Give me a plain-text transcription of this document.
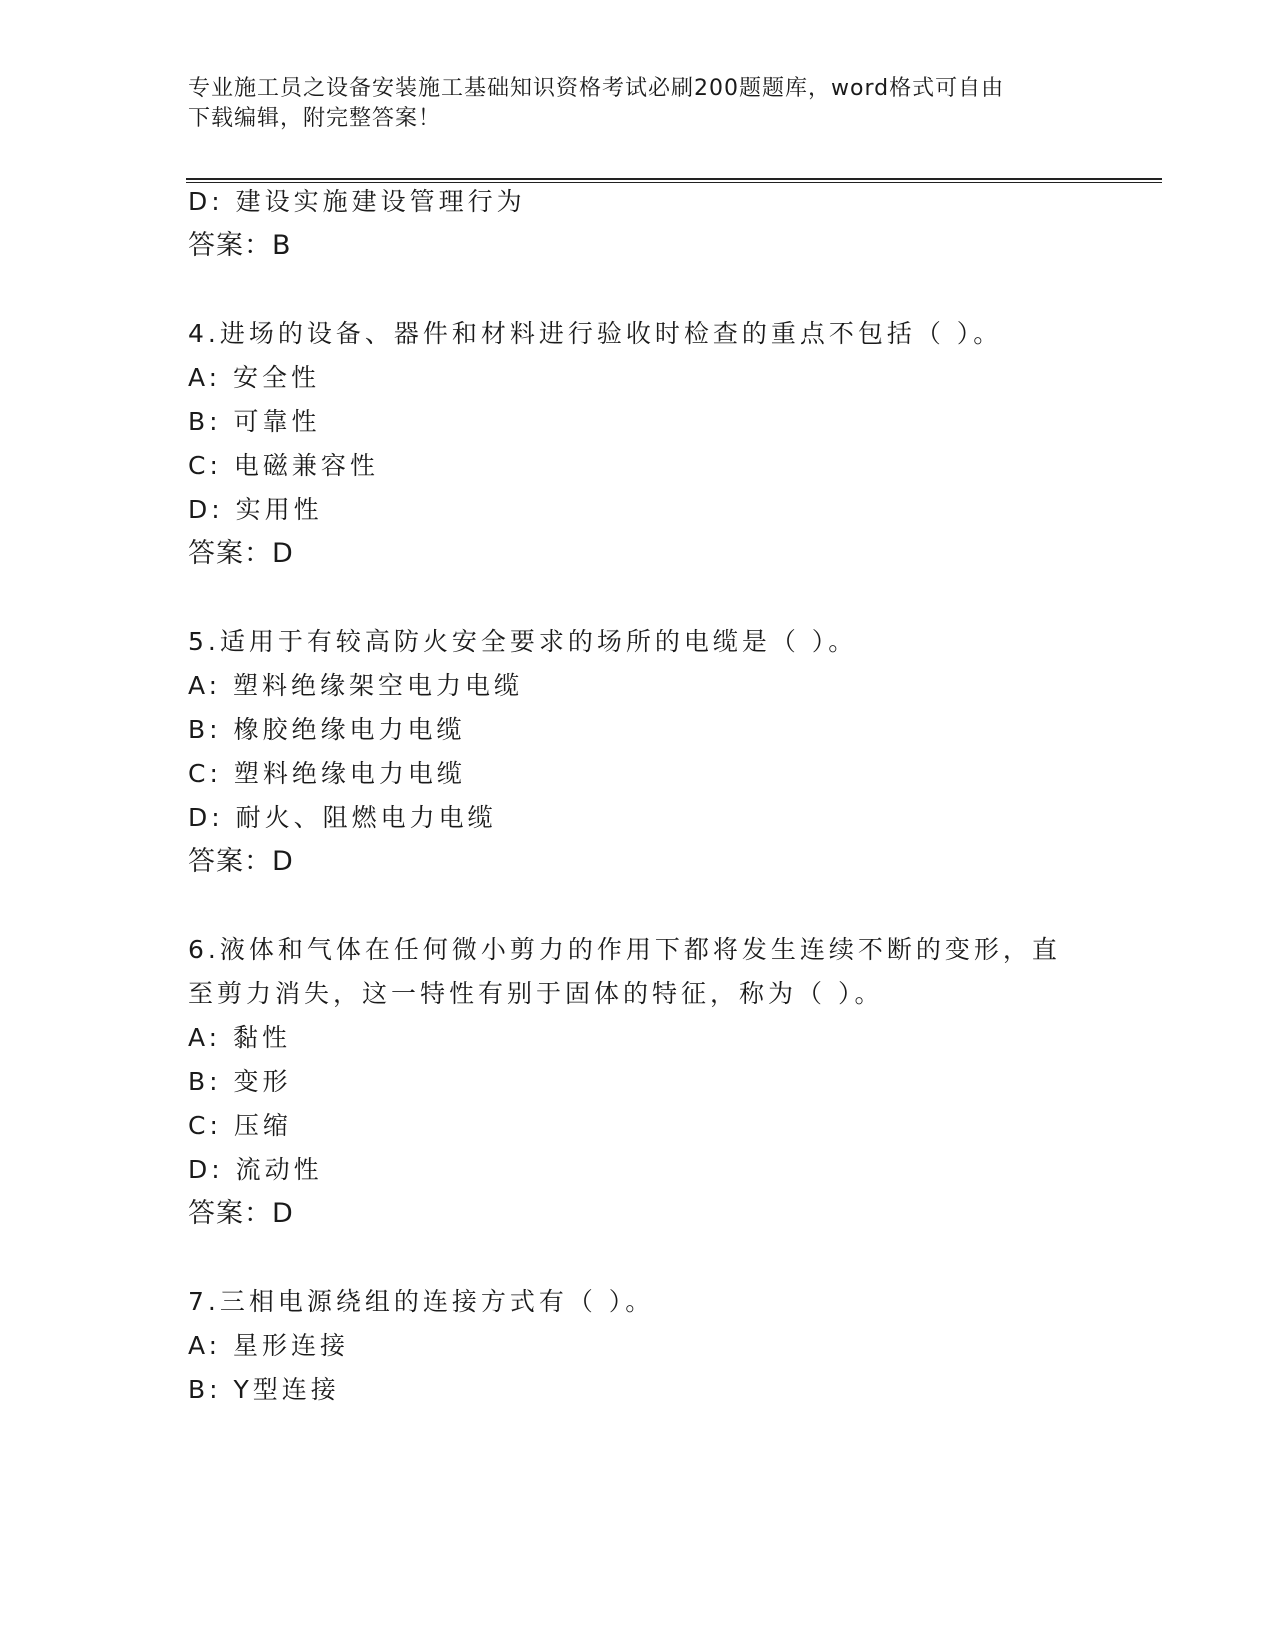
专业施工员之设备安装施工基础知识资格考试必刷200题题库，word格式可自由
下载编辑，附完整答案！
D: 建设实施建设管理行为
答案：B
4.进场的设备、器件和材料进行验收时检查的重点不包括（ ）。
A: 安全性
B: 可靠性
C: 电磁兼容性
D: 实用性
答案：D
5.适用于有较高防火安全要求的场所的电缆是（ ）。
A: 塑料绝缘架空电力电缆
B: 橡胶绝缘电力电缆
C: 塑料绝缘电力电缆
D: 耐火、阻燃电力电缆
答案：D
6.液体和气体在任何微小剪力的作用下都将发生连续不断的变形，直
至剪力消失，这一特性有别于固体的特征，称为（ ）。
A: 黏性
B: 变形
C: 压缩
D: 流动性
答案：D
7.三相电源绕组的连接方式有（ ）。
A: 星形连接
B: Y型连接
